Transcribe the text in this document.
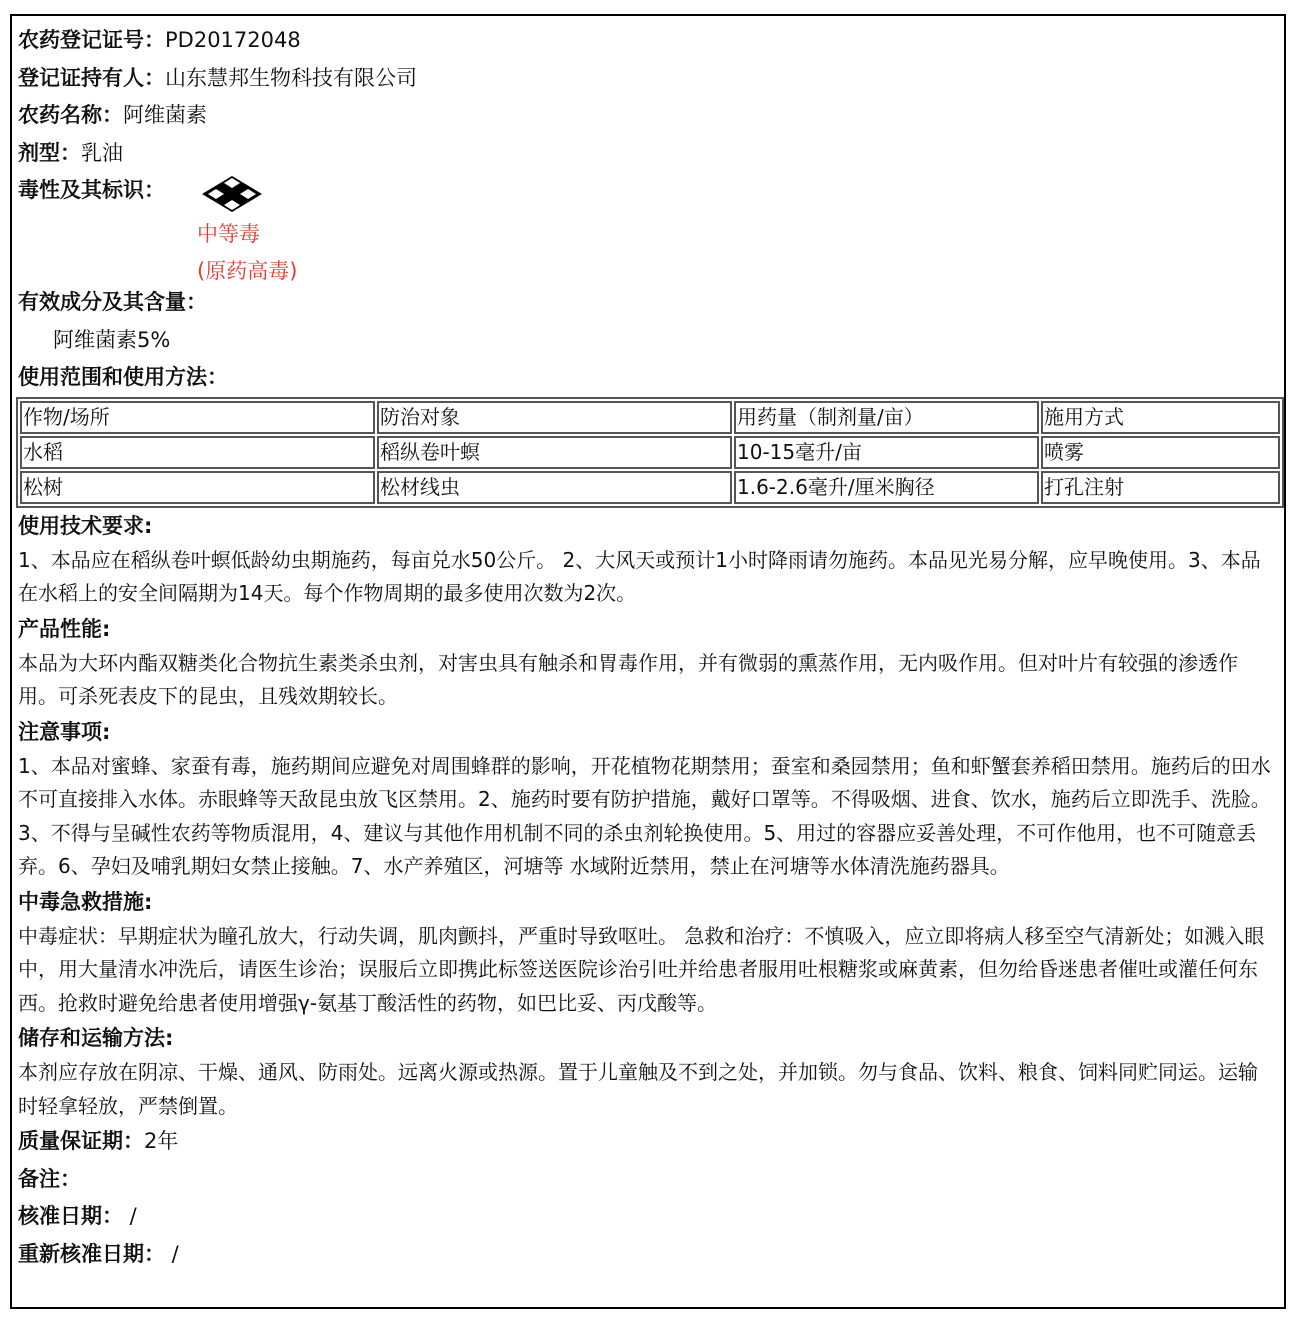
农药登记证号：PD20172048
登记证持有人：山东慧邦生物科技有限公司
农药名称：阿维菌素
剂型：乳油
毒性及其标识：
中等毒
(原药高毒)
有效成分及其含量：
阿维菌素5%
使用范围和使用方法：
作物/场所	防治对象	用药量（制剂量/亩）	施用方式
水稻	稻纵卷叶螟	10-15毫升/亩	喷雾
松树	松材线虫	1.6-2.6毫升/厘米胸径	打孔注射
使用技术要求:
1、本品应在稻纵卷叶螟低龄幼虫期施药，每亩兑水50公斤。 2、大风天或预计1小时降雨请勿施药。本品见光易分解，应早晚使用。3、本品在水稻上的安全间隔期为14天。每个作物周期的最多使用次数为2次。
产品性能:
本品为大环内酯双糖类化合物抗生素类杀虫剂，对害虫具有触杀和胃毒作用，并有微弱的熏蒸作用，无内吸作用。但对叶片有较强的渗透作用。可杀死表皮下的昆虫，且残效期较长。
注意事项:
1、本品对蜜蜂、家蚕有毒，施药期间应避免对周围蜂群的影响，开花植物花期禁用；蚕室和桑园禁用；鱼和虾蟹套养稻田禁用。施药后的田水不可直接排入水体。赤眼蜂等天敌昆虫放飞区禁用。2、施药时要有防护措施，戴好口罩等。不得吸烟、进食、饮水，施药后立即洗手、洗脸。3、不得与呈碱性农药等物质混用，4、建议与其他作用机制不同的杀虫剂轮换使用。5、用过的容器应妥善处理，不可作他用，也不可随意丢弃。6、孕妇及哺乳期妇女禁止接触。7、水产养殖区，河塘等 水域附近禁用，禁止在河塘等水体清洗施药器具。
中毒急救措施:
中毒症状：早期症状为瞳孔放大，行动失调，肌肉颤抖，严重时导致呕吐。 急救和治疗：不慎吸入，应立即将病人移至空气清新处；如溅入眼中，用大量清水冲洗后，请医生诊治；误服后立即携此标签送医院诊治引吐并给患者服用吐根糖浆或麻黄素，但勿给昏迷患者催吐或灌任何东西。抢救时避免给患者使用增强γ-氨基丁酸活性的药物，如巴比妥、丙戊酸等。
储存和运输方法:
本剂应存放在阴凉、干燥、通风、防雨处。远离火源或热源。置于儿童触及不到之处，并加锁。勿与食品、饮料、粮食、饲料同贮同运。运输时轻拿轻放，严禁倒置。
质量保证期：2年
备注：
核准日期： /
重新核准日期： /
